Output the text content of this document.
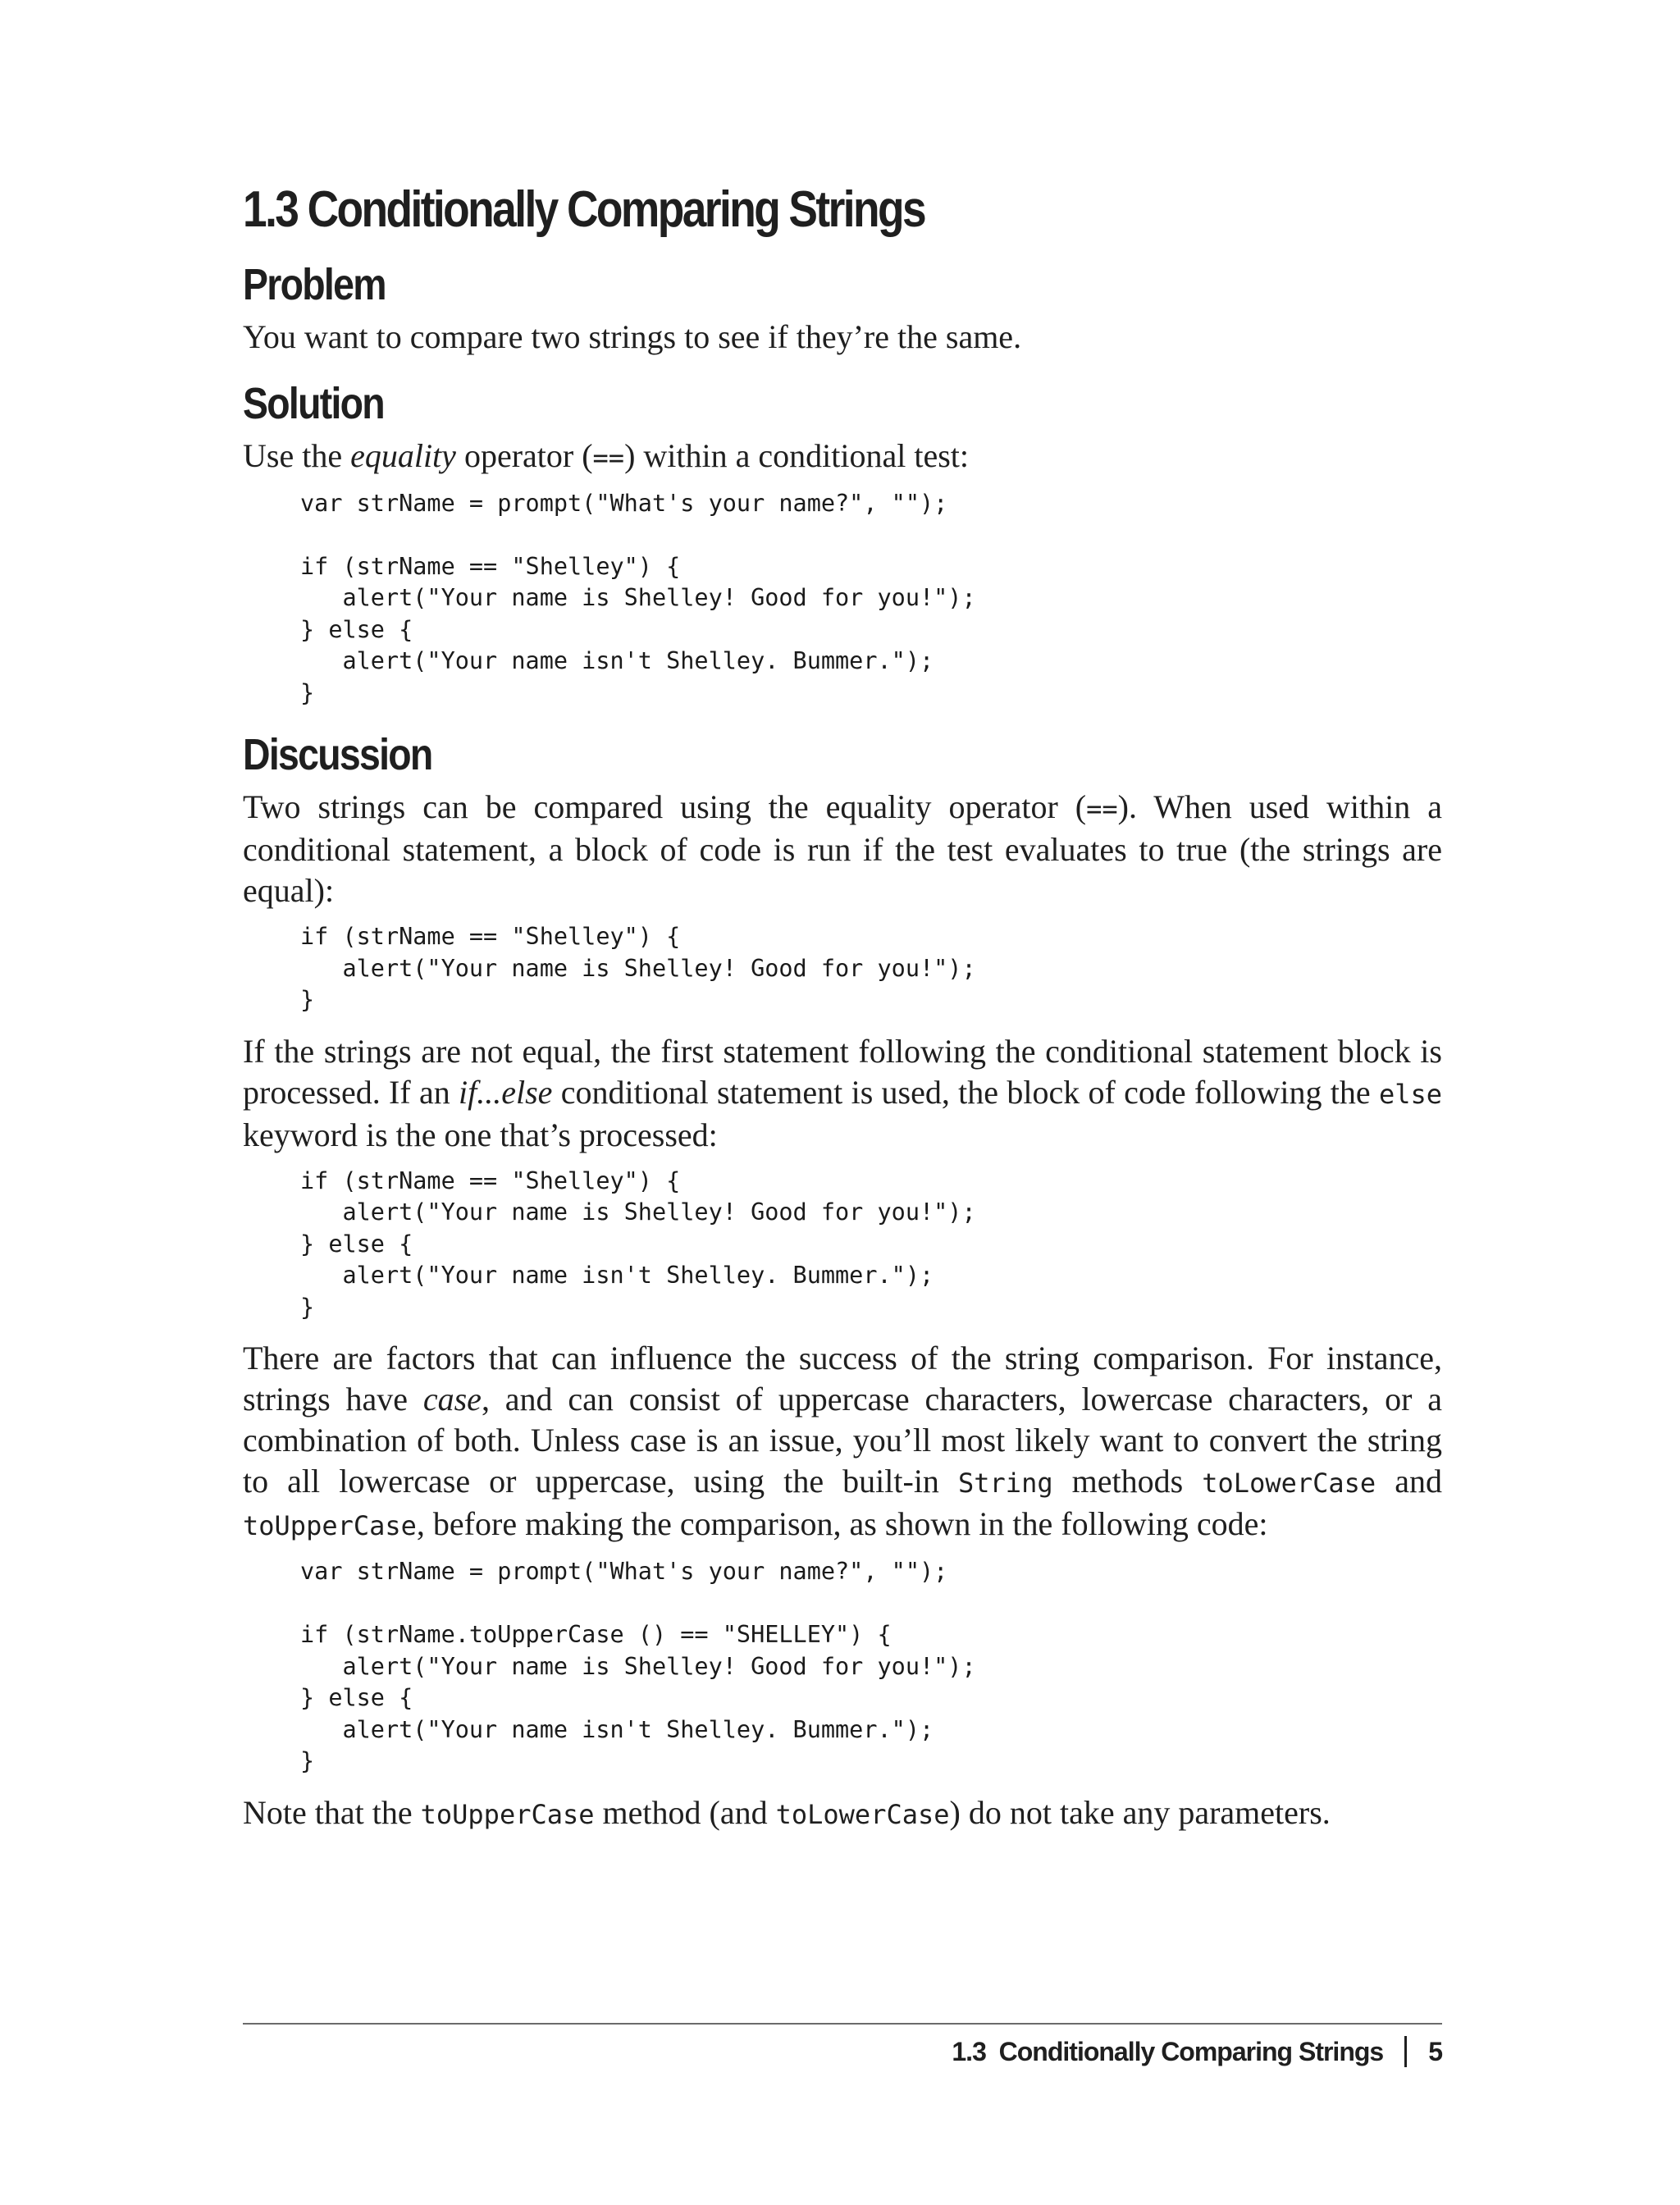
1.3 Conditionally Comparing Strings
Problem

You want to compare two strings to see if they’re the same.

Solution

Use the equality operator (==) within a conditional test:

var strName = prompt("What's your name?", "");

if (strName == "Shelley") {
alert("Your name is Shelley! Good for you!");
} else {
alert("Your name isn't Shelley. Bummer.");
}
Discussion

Two strings can be compared using the equality operator (==). When used within a conditional statement, a block of code is run if the test evaluates to true (the strings are equal):

if (strName == "Shelley") {
alert("Your name is Shelley! Good for you!");
}

If the strings are not equal, the first statement following the conditional statement block is processed. If an if...else conditional statement is used, the block of code following the else keyword is the one that’s processed:

if (strName == "Shelley") {
alert("Your name is Shelley! Good for you!");
} else {
alert("Your name isn't Shelley. Bummer.");
}

There are factors that can influence the success of the string comparison. For instance, strings have case, and can consist of uppercase characters, lowercase characters, or a combination of both. Unless case is an issue, you’ll most likely want to convert the string to all lowercase or uppercase, using the built-in String methods toLowerCase and toUpperCase, before making the comparison, as shown in the following code:

var strName = prompt("What's your name?", "");

if (strName.toUpperCase () == "SHELLEY") {
alert("Your name is Shelley! Good for you!");
} else {
alert("Your name isn't Shelley. Bummer.");
}

Note that the toUpperCase method (and toLowerCase) do not take any parameters.

1.3  Conditionally Comparing Strings 5
